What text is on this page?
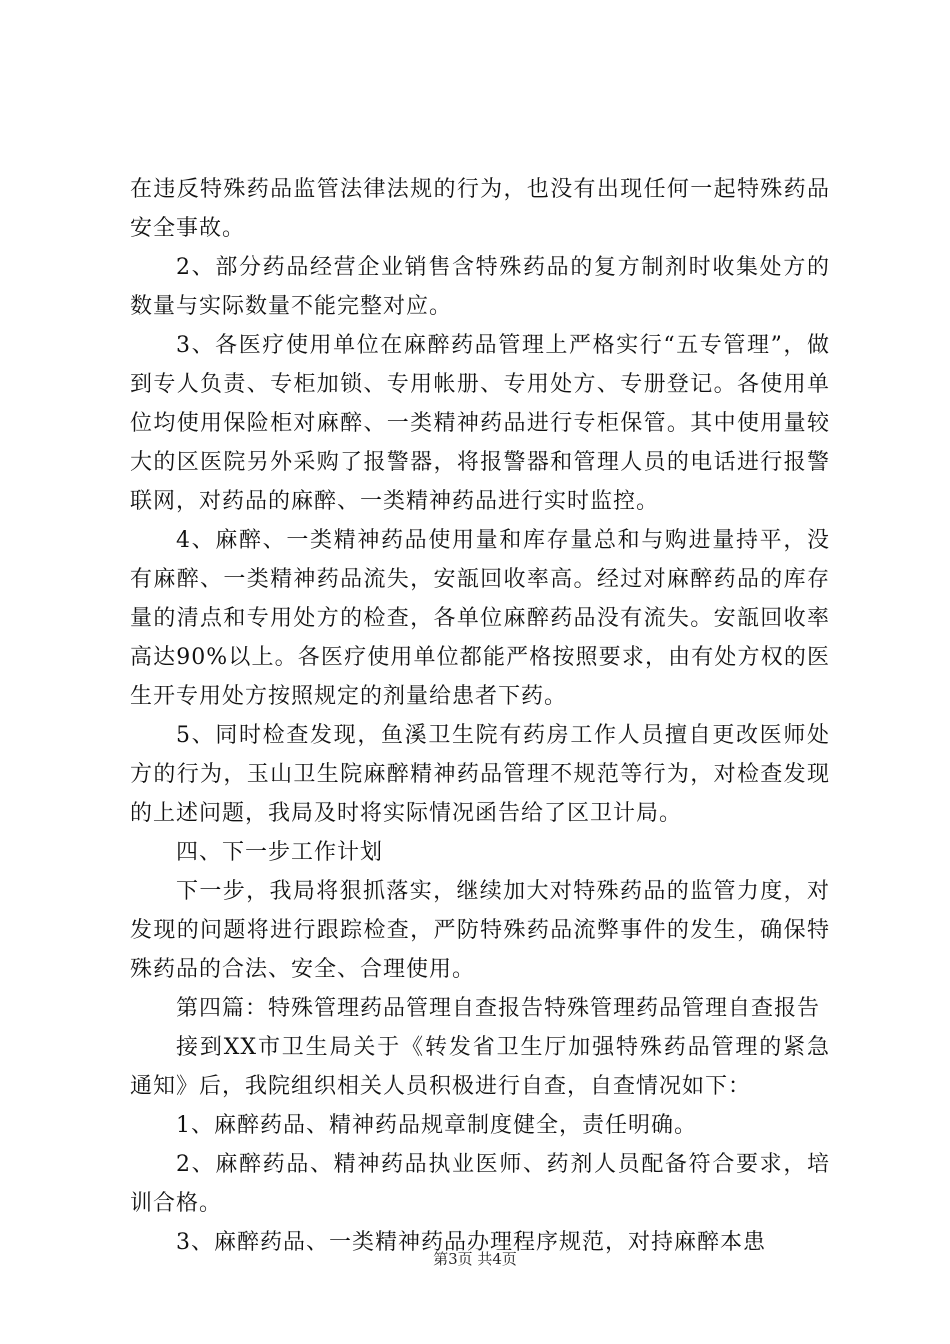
在违反特殊药品监管法律法规的行为，也没有出现任何一起特殊药品安全事故。

2、部分药品经营企业销售含特殊药品的复方制剂时收集处方的数量与实际数量不能完整对应。

3、各医疗使用单位在麻醉药品管理上严格实行“五专管理”，做到专人负责、专柜加锁、专用帐册、专用处方、专册登记。各使用单位均使用保险柜对麻醉、一类精神药品进行专柜保管。其中使用量较大的区医院另外采购了报警器，将报警器和管理人员的电话进行报警联网，对药品的麻醉、一类精神药品进行实时监控。

4、麻醉、一类精神药品使用量和库存量总和与购进量持平，没有麻醉、一类精神药品流失，安瓿回收率高。经过对麻醉药品的库存量的清点和专用处方的检查，各单位麻醉药品没有流失。安瓿回收率高达90%以上。各医疗使用单位都能严格按照要求，由有处方权的医生开专用处方按照规定的剂量给患者下药。

5、同时检查发现，鱼溪卫生院有药房工作人员擅自更改医师处方的行为，玉山卫生院麻醉精神药品管理不规范等行为，对检查发现的上述问题，我局及时将实际情况函告给了区卫计局。

四、下一步工作计划

下一步，我局将狠抓落实，继续加大对特殊药品的监管力度，对发现的问题将进行跟踪检查，严防特殊药品流弊事件的发生，确保特殊药品的合法、安全、合理使用。

第四篇：特殊管理药品管理自查报告特殊管理药品管理自查报告

接到XX市卫生局关于《转发省卫生厅加强特殊药品管理的紧急通知》后，我院组织相关人员积极进行自查，自查情况如下：

1、麻醉药品、精神药品规章制度健全，责任明确。

2、麻醉药品、精神药品执业医师、药剂人员配备符合要求，培训合格。

3、麻醉药品、一类精神药品办理程序规范，对持麻醉本患

第3页 共4页
